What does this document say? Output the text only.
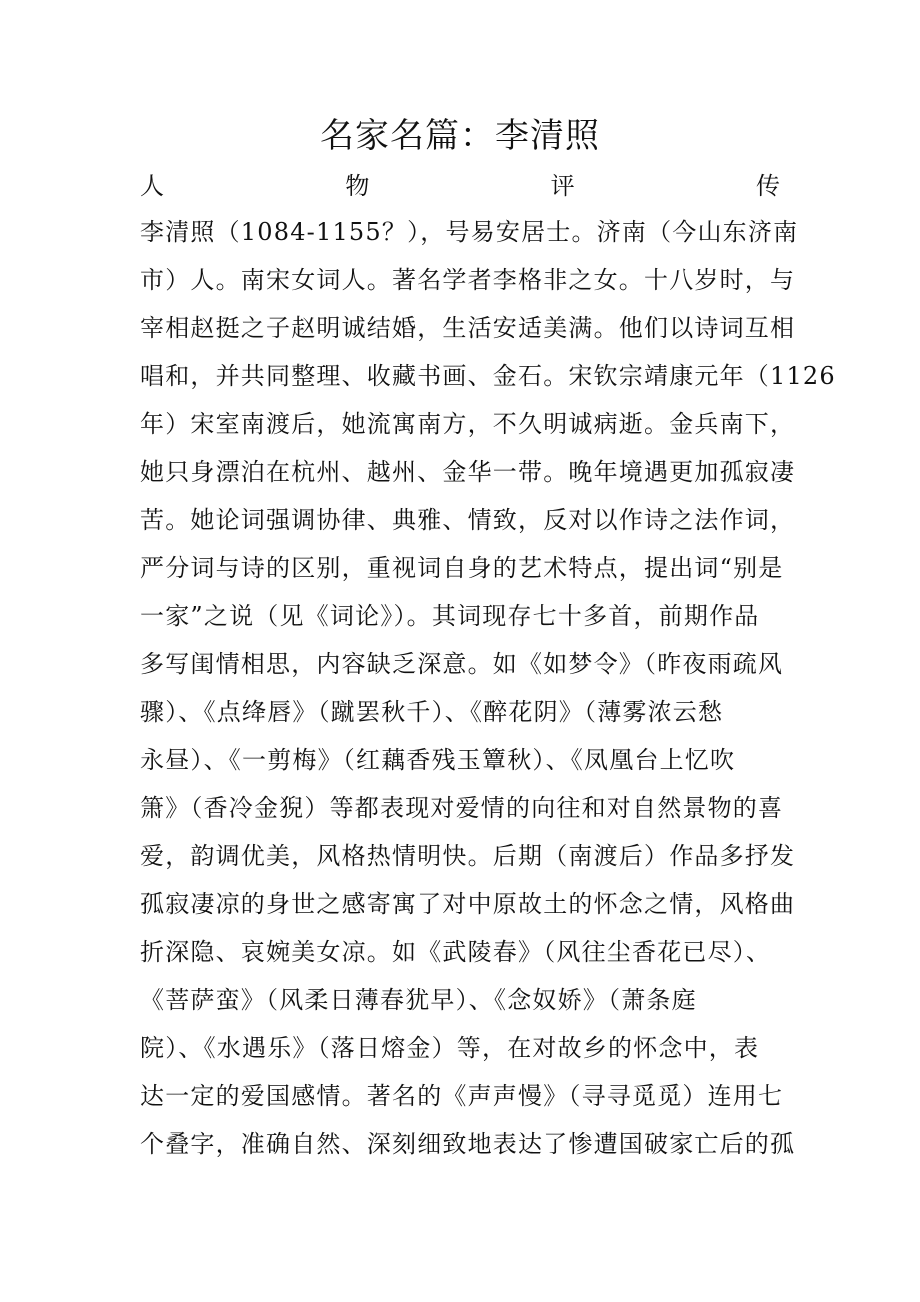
名家名篇：李清照
人	物	评	传
李清照（1084-1155？），号易安居士。济南（今山东济南
市）人。南宋女词人。著名学者李格非之女。十八岁时，与
宰相赵挺之子赵明诚结婚，生活安适美满。他们以诗词互相
唱和，并共同整理、收藏书画、金石。宋钦宗靖康元年（1126
年）宋室南渡后，她流寓南方，不久明诚病逝。金兵南下，
她只身漂泊在杭州、越州、金华一带。晚年境遇更加孤寂凄
苦。她论词强调协律、典雅、情致，反对以作诗之法作词，
严分词与诗的区别，重视词自身的艺术特点，提出词“别是
一家”之说（见《词论》）。其词现存七十多首，前期作品
多写闺情相思，内容缺乏深意。如《如梦令》（昨夜雨疏风
骤）、《点绛唇》（蹴罢秋千）、《醉花阴》（薄雾浓云愁
永昼）、《一剪梅》（红藕香残玉簟秋）、《凤凰台上忆吹
箫》（香冷金猊）等都表现对爱情的向往和对自然景物的喜
爱，韵调优美，风格热情明快。后期（南渡后）作品多抒发
孤寂凄凉的身世之感寄寓了对中原故土的怀念之情，风格曲
折深隐、哀婉美女凉。如《武陵春》（风往尘香花已尽）、
《菩萨蛮》（风柔日薄春犹早）、《念奴娇》（萧条庭
院）、《水遇乐》（落日熔金）等，在对故乡的怀念中，表
达一定的爱国感情。著名的《声声慢》（寻寻觅觅）连用七
个叠字，准确自然、深刻细致地表达了惨遭国破家亡后的孤
